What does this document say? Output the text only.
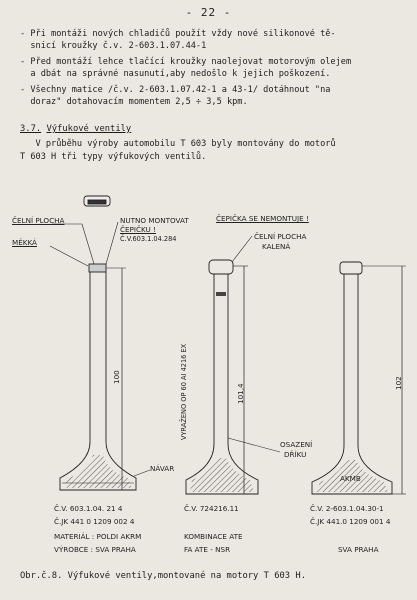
- 22 -
- Při montáži nových chladičů použít vždy nové silikonové tě-
snicí kroužky č.v. 2-603.1.07.44-1
- Před montáží lehce tlačící kroužky naolejovat motorovým olejem
a dbát na správné nasunutí,aby nedošlo k jejich poškození.
- Všechny matice /č.v. 2-603.1.07.42-1 a 43-1/ dotáhnout "na
doraz" dotahovacím momentem 2,5 ÷ 3,5 kpm.
3.7. Výfukové ventily
V průběhu výroby automobilu T 603 byly montovány do motorů
T 603 H tři typy výfukových ventilů.
ČELNÍ PLOCHA
MĚKKÁ
NUTNO MONTOVAT
ČEPIČKU !
Č.V.603.1.04.284
ČEPIČKA SE NEMONTUJE !
ČELNÍ PLOCHA
KALENÁ
100
101,4
102
VYRAŽENO OP 60 AI 4216 EX
OSAZENÍ
DŘÍKU
NÁVAR
AKMB
Č.V. 603.1.04. 21 4
Č.JK 441 0 1209 002 4
MATERIÁL : POLDI AKRM
VÝROBCE : SVA PRAHA
Č.V. 724216.11
KOMBINACE ATE
FA ATE - NSR
Č.V. 2-603.1.04.30-1
Č.JK 441.0 1209 001 4
SVA PRAHA
Obr.č.8. Výfukové ventily,montované na motory T 603 H.
